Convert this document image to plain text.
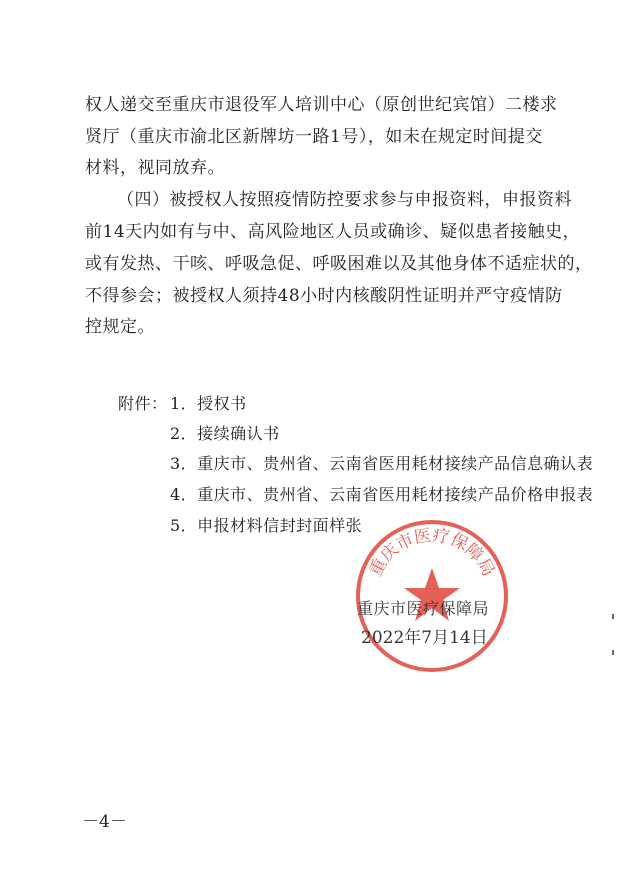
权人递交至重庆市退役军人培训中心（原创世纪宾馆）二楼求
贤厅（重庆市渝北区新牌坊一路1号），如未在规定时间提交
材料，视同放弃。
（四）被授权人按照疫情防控要求参与申报资料，申报资料
前14天内如有与中、高风险地区人员或确诊、疑似患者接触史，
或有发热、干咳、呼吸急促、呼吸困难以及其他身体不适症状的，
不得参会；被授权人须持48小时内核酸阴性证明并严守疫情防
控规定。
附件： 1．授权书
2．接续确认书
3．重庆市、贵州省、云南省医用耗材接续产品信息确认表
4．重庆市、贵州省、云南省医用耗材接续产品价格申报表
5．申报材料信封封面样张
重庆市医疗保障局
重庆市医疗保障局
2022年7月14日
－4－
